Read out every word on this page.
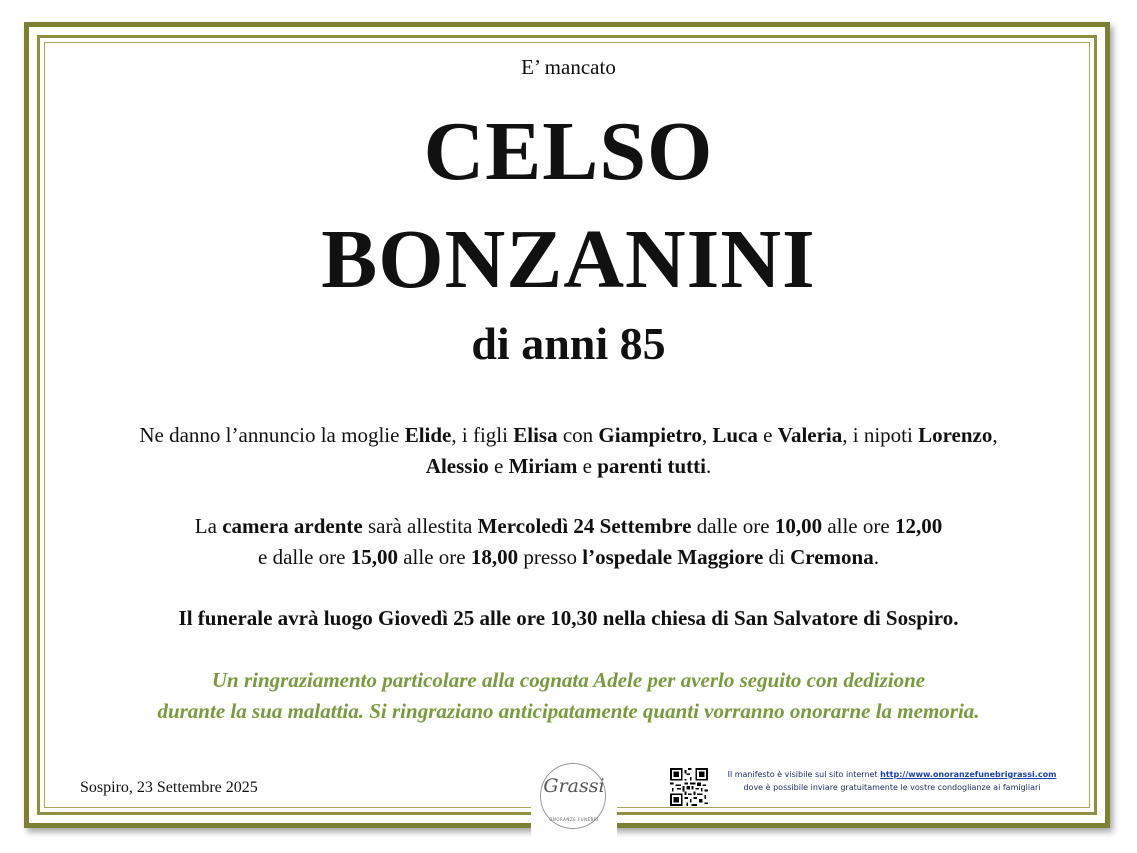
E’ mancato
CELSO
BONZANINI
di anni 85
Ne danno l’annuncio la moglie Elide, i figli Elisa con Giampietro, Luca e Valeria, i nipoti Lorenzo,
Alessio e Miriam e parenti tutti.
La camera ardente sarà allestita Mercoledì 24 Settembre dalle ore 10,00 alle ore 12,00
e dalle ore 15,00 alle ore 18,00 presso l’ospedale Maggiore di Cremona.
Il funerale avrà luogo Giovedì 25 alle ore 10,30 nella chiesa di San Salvatore di Sospiro.
Un ringraziamento particolare alla cognata Adele per averlo seguito con dedizione
durante la sua malattia. Si ringraziano anticipatamente quanti vorranno onorarne la memoria.
Sospiro, 23 Settembre 2025	Grassi
ONORANZE FUNEBRI
Il manifesto è visibile sul sito internet http://www.onoranzefunebrigrassi.com
dove è possibile inviare gratuitamente le vostre condoglianze ai famigliari
